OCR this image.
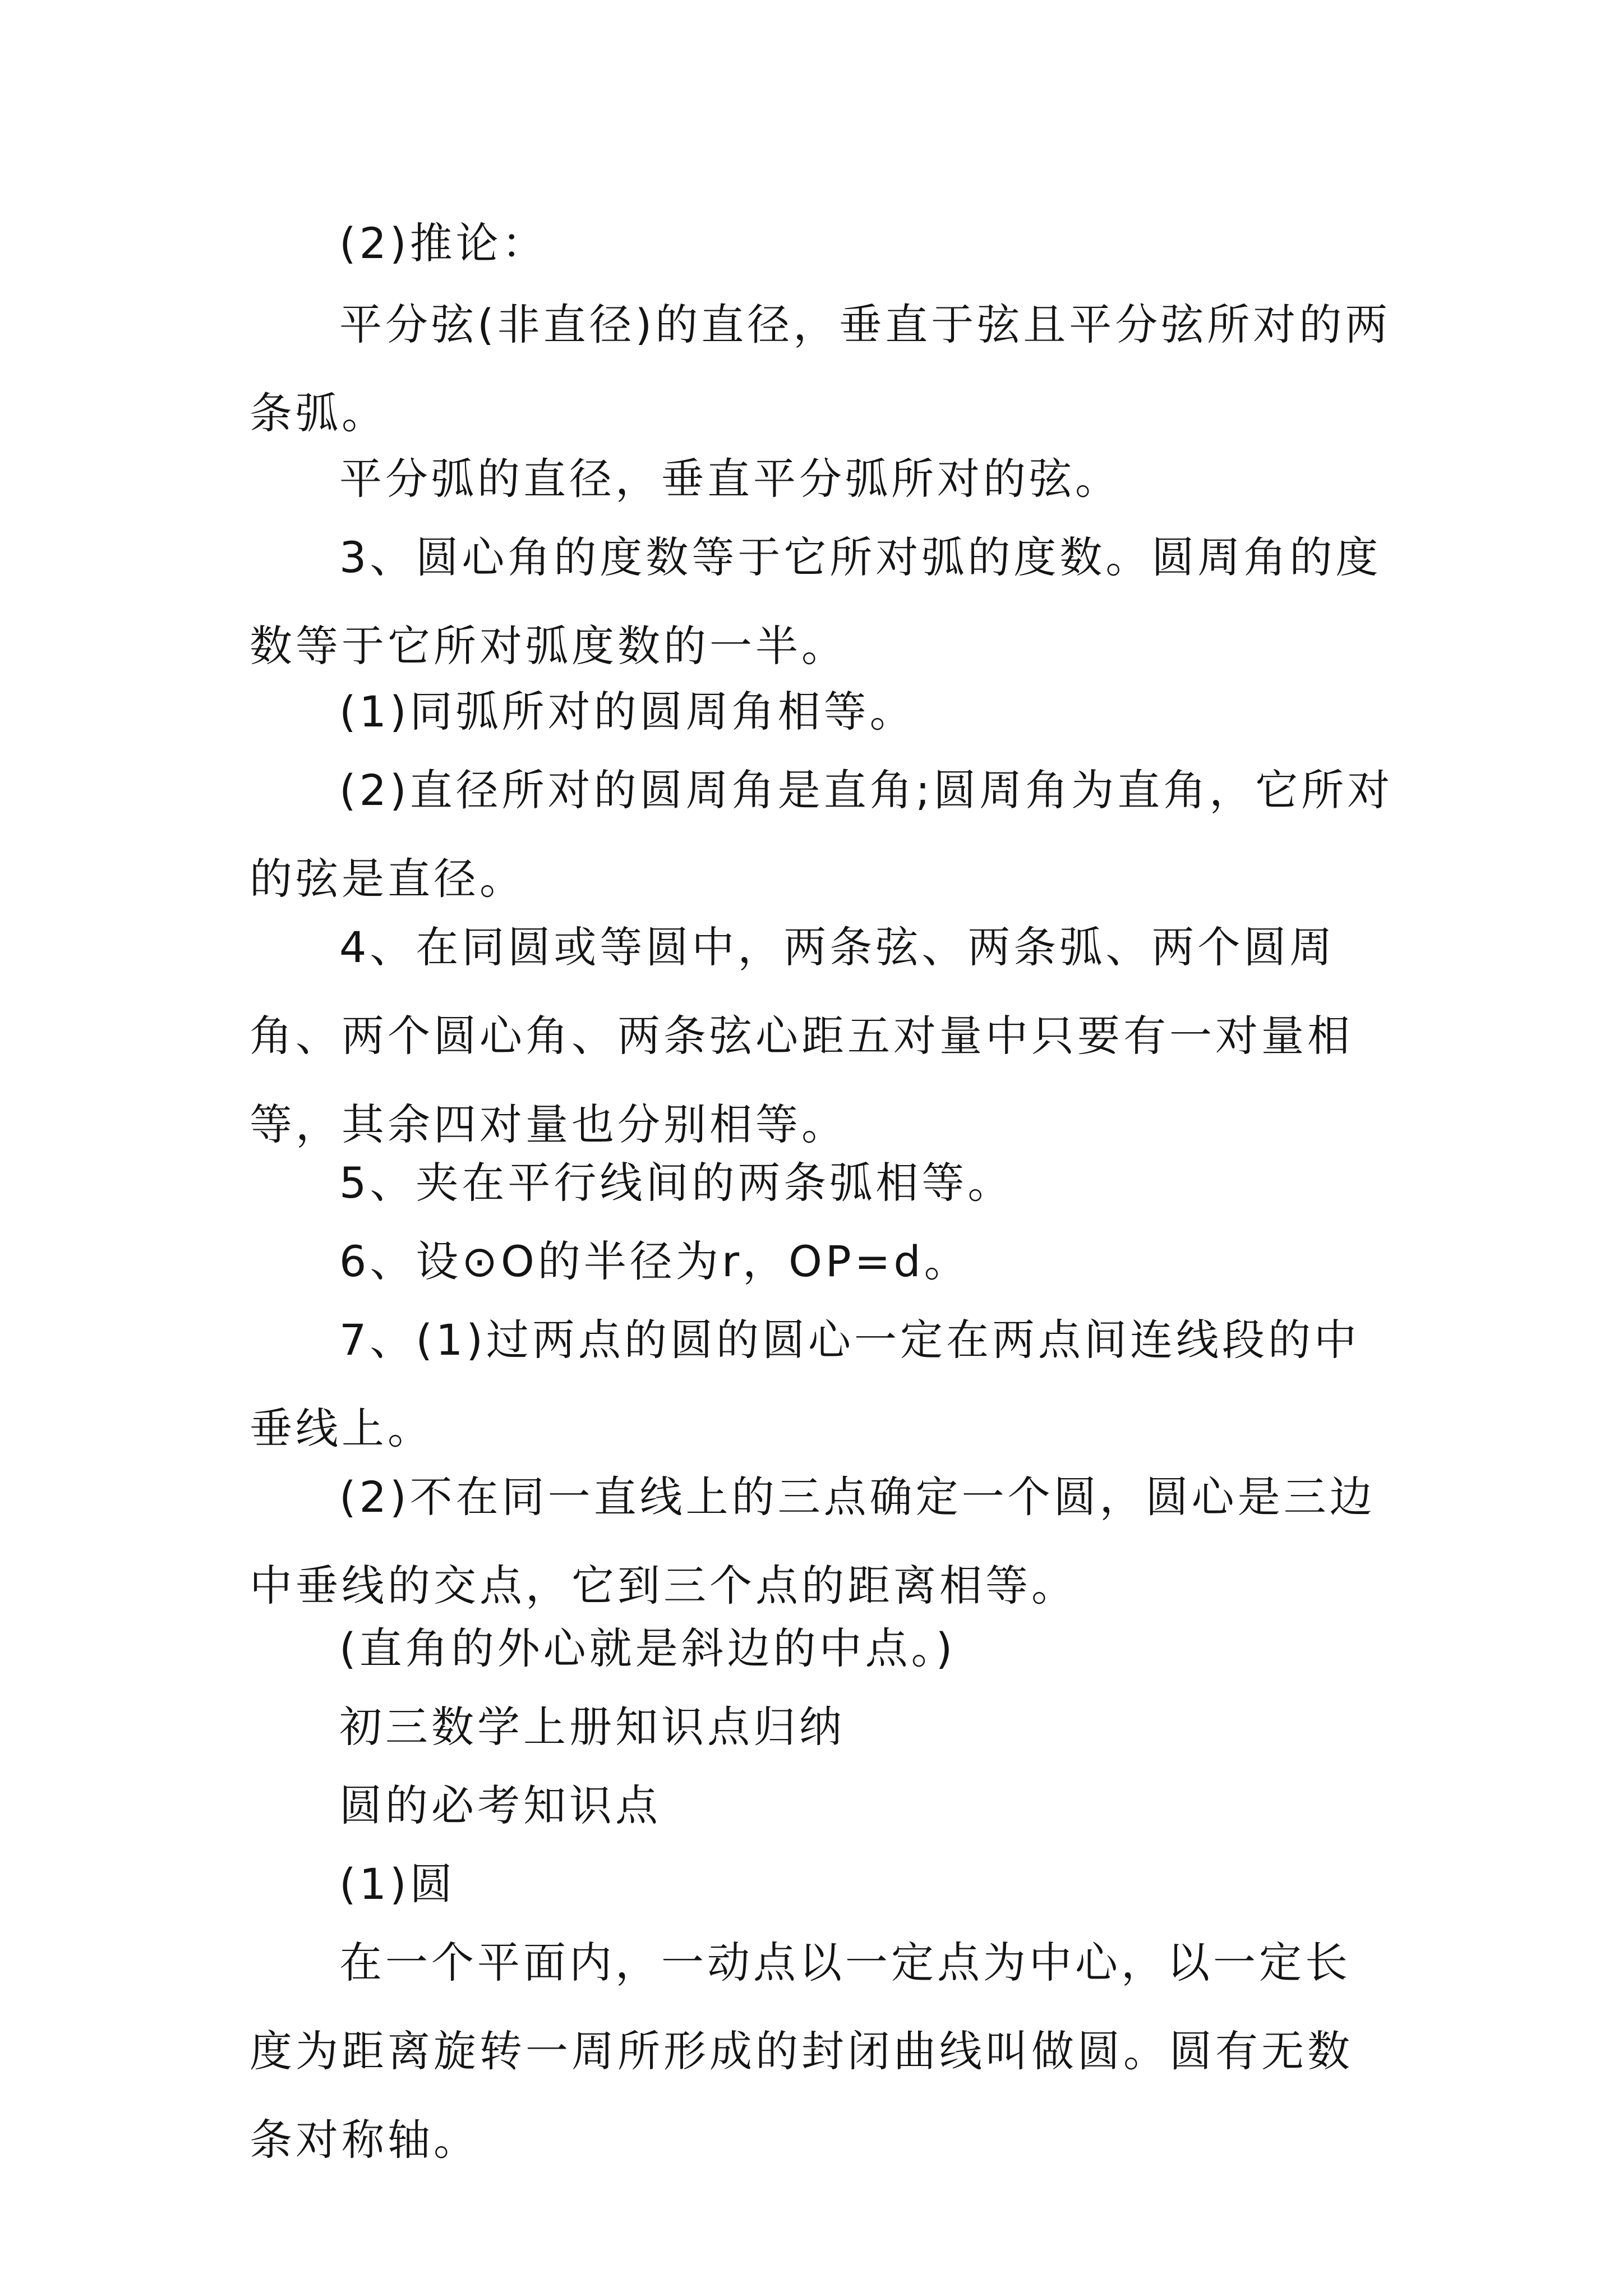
(2)推论：

平分弦(非直径)的直径，垂直于弦且平分弦所对的两条弧。

平分弧的直径，垂直平分弧所对的弦。

3、圆心角的度数等于它所对弧的度数。圆周角的度数等于它所对弧度数的一半。

(1)同弧所对的圆周角相等。

(2)直径所对的圆周角是直角;圆周角为直角，它所对的弦是直径。

4、在同圆或等圆中，两条弦、两条弧、两个圆周角、两个圆心角、两条弦心距五对量中只要有一对量相等，其余四对量也分别相等。

5、夹在平行线间的两条弧相等。

6、设⊙O的半径为r，OP=d。

7、(1)过两点的圆的圆心一定在两点间连线段的中垂线上。

(2)不在同一直线上的三点确定一个圆，圆心是三边中垂线的交点，它到三个点的距离相等。

(直角的外心就是斜边的中点。)

初三数学上册知识点归纳

圆的必考知识点

(1)圆

在一个平面内，一动点以一定点为中心，以一定长度为距离旋转一周所形成的封闭曲线叫做圆。圆有无数条对称轴。
